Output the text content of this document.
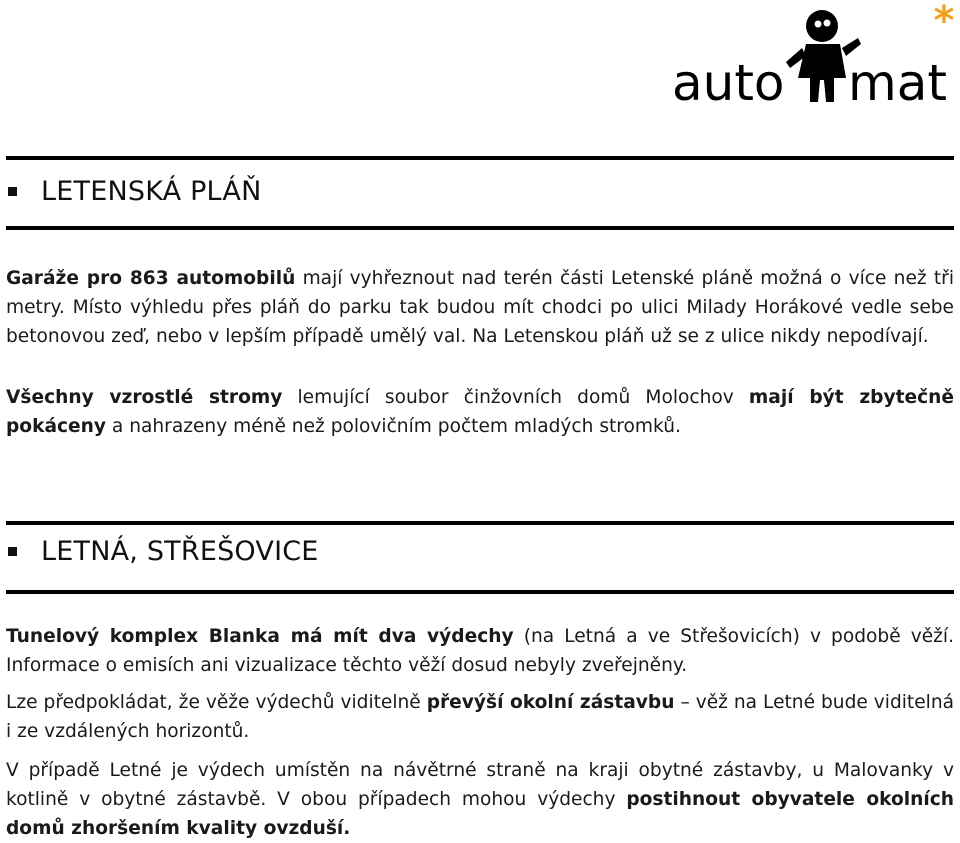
*
auto mat
LETENSKÁ PLÁŇ
Garáže pro 863 automobilů mají vyhřeznout nad terén části Letenské pláně možná o více než tři metry. Místo výhledu přes pláň do parku tak budou mít chodci po ulici Milady Horákové vedle sebe betonovou zeď, nebo v lepším případě umělý val. Na Letenskou pláň už se z ulice nikdy nepodívají.
Všechny vzrostlé stromy lemující soubor činžovních domů Molochov mají být zbytečně pokáceny a nahrazeny méně než polovičním počtem mladých stromků.
LETNÁ, STŘEŠOVICE
Tunelový komplex Blanka má mít dva výdechy (na Letná a ve Střešovicích) v podobě věží. Informace o emisích ani vizualizace těchto věží dosud nebyly zveřejněny.
Lze předpokládat, že věže výdechů viditelně převýší okolní zástavbu – věž na Letné bude viditelná i ze vzdálených horizontů.
V případě Letné je výdech umístěn na návětrné straně na kraji obytné zástavby, u Malovanky v kotlině v obytné zástavbě. V obou případech mohou výdechy postihnout obyvatele okolních domů zhoršením kvality ovzduší.
